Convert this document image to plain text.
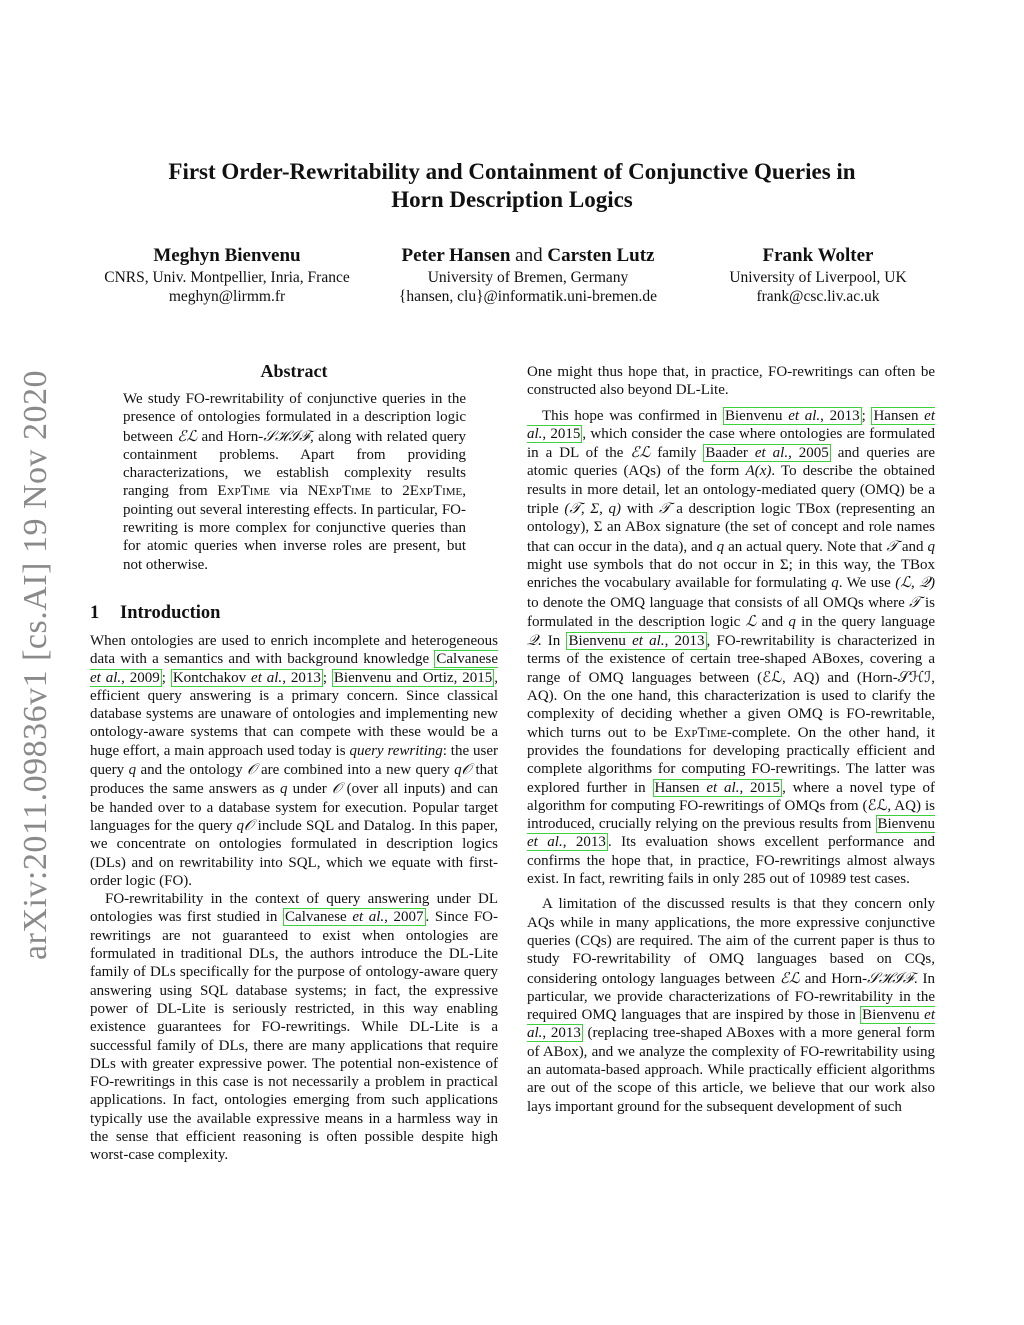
arXiv:2011.09836v1 [cs.AI] 19 Nov 2020
First Order-Rewritability and Containment of Conjunctive Queries in
Horn Description Logics
Meghyn Bienvenu
CNRS, Univ. Montpellier, Inria, France
meghyn@lirmm.fr
Peter Hansen and Carsten Lutz
University of Bremen, Germany
{hansen, clu}@informatik.uni-bremen.de
Frank Wolter
University of Liverpool, UK
frank@csc.liv.ac.uk
Abstract

We study FO-rewritability of conjunctive queries in the presence of ontologies formulated in a description logic between ℰℒ and Horn-𝒮ℋℐℱ, along with related query containment problems. Apart from providing characterizations, we establish complexity results ranging from ExpTime via NExpTime to 2ExpTime, pointing out several interesting effects. In particular, FO-rewriting is more complex for conjunctive queries than for atomic queries when inverse roles are present, but not otherwise.

1 Introduction

When ontologies are used to enrich incomplete and heterogeneous data with a semantics and with background knowledge Calvanese et al., 2009 ; Kontchakov et al., 2013 ; Bienvenu and Ortiz, 2015 , efficient query answering is a primary concern. Since classical database systems are unaware of ontologies and implementing new ontology-aware systems that can compete with these would be a huge effort, a main approach used today is query rewriting: the user query q and the ontology 𝒪 are combined into a new query q𝒪 that produces the same answers as q under 𝒪 (over all inputs) and can be handed over to a database system for execution. Popular target languages for the query q𝒪 include SQL and Datalog. In this paper, we concentrate on ontologies formulated in description logics (DLs) and on rewritability into SQL, which we equate with first-order logic (FO).

FO-rewritability in the context of query answering under DL ontologies was first studied in Calvanese et al., 2007 . Since FO-rewritings are not guaranteed to exist when ontologies are formulated in traditional DLs, the authors introduce the DL-Lite family of DLs specifically for the purpose of ontology-aware query answering using SQL database systems; in fact, the expressive power of DL-Lite is seriously restricted, in this way enabling existence guarantees for FO-rewritings. While DL-Lite is a successful family of DLs, there are many applications that require DLs with greater expressive power. The potential non-existence of FO-rewritings in this case is not necessarily a problem in practical applications. In fact, ontologies emerging from such applications typically use the available expressive means in a harmless way in the sense that efficient reasoning is often possible despite high worst-case complexity.

One might thus hope that, in practice, FO-rewritings can often be constructed also beyond DL-Lite.

This hope was confirmed in Bienvenu et al., 2013 ; Hansen et al., 2015 , which consider the case where ontologies are formulated in a DL of the ℰℒ family Baader et al., 2005 and queries are atomic queries (AQs) of the form A(x). To describe the obtained results in more detail, let an ontology-mediated query (OMQ) be a triple (𝒯, Σ, q) with 𝒯 a description logic TBox (representing an ontology), Σ an ABox signature (the set of concept and role names that can occur in the data), and q an actual query. Note that 𝒯 and q might use symbols that do not occur in Σ; in this way, the TBox enriches the vocabulary available for formulating q. We use (ℒ, 𝒬) to denote the OMQ language that consists of all OMQs where 𝒯 is formulated in the description logic ℒ and q in the query language 𝒬. In Bienvenu et al., 2013 , FO-rewritability is characterized in terms of the existence of certain tree-shaped ABoxes, covering a range of OMQ languages between (ℰℒ, AQ) and (Horn-𝒮ℋℐ, AQ). On the one hand, this characterization is used to clarify the complexity of deciding whether a given OMQ is FO-rewritable, which turns out to be ExpTime-complete. On the other hand, it provides the foundations for developing practically efficient and complete algorithms for computing FO-rewritings. The latter was explored further in Hansen et al., 2015 , where a novel type of algorithm for computing FO-rewritings of OMQs from (ℰℒ, AQ) is introduced, crucially relying on the previous results from Bienvenu et al., 2013 . Its evaluation shows excellent performance and confirms the hope that, in practice, FO-rewritings almost always exist. In fact, rewriting fails in only 285 out of 10989 test cases.

A limitation of the discussed results is that they concern only AQs while in many applications, the more expressive conjunctive queries (CQs) are required. The aim of the current paper is thus to study FO-rewritability of OMQ languages based on CQs, considering ontology languages between ℰℒ and Horn-𝒮ℋℐℱ. In particular, we provide characterizations of FO-rewritability in the required OMQ languages that are inspired by those in Bienvenu et al., 2013 (replacing tree-shaped ABoxes with a more general form of ABox), and we analyze the complexity of FO-rewritability using an automata-based approach. While practically efficient algorithms are out of the scope of this article, we believe that our work also lays important ground for the subsequent development of such
